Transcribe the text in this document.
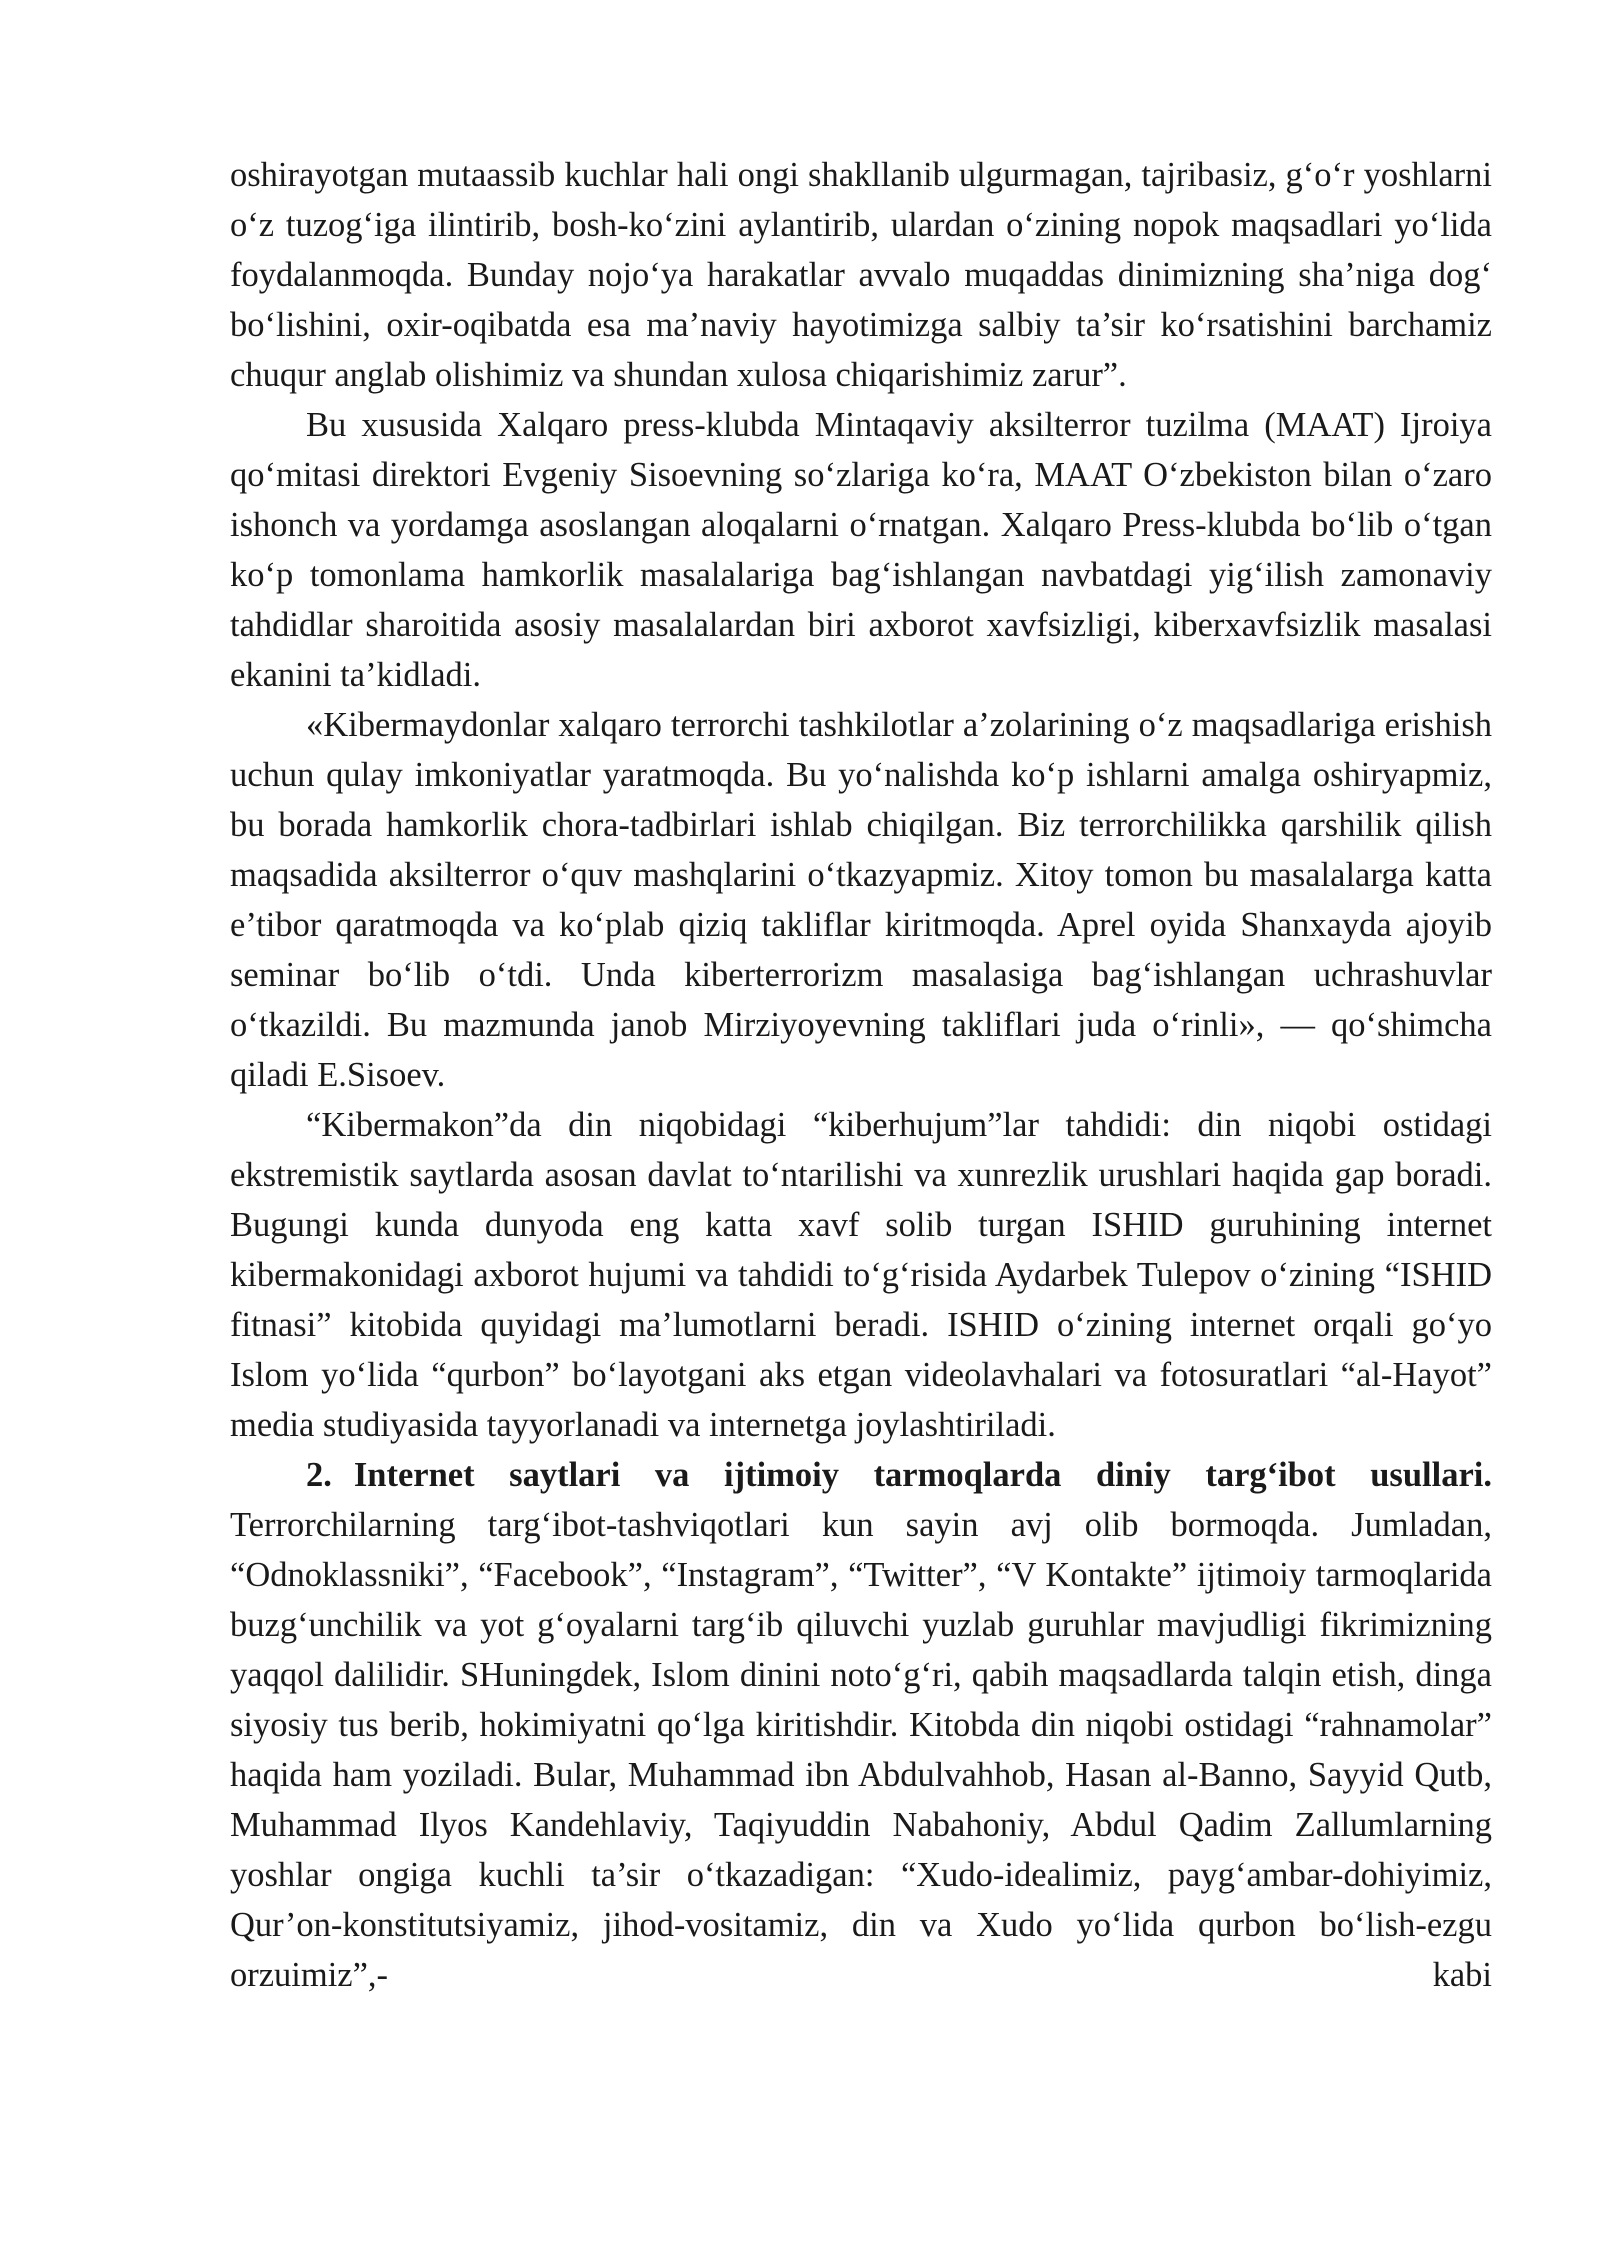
oshirayotgan mutaassib kuchlar hali ongi shakllanib ulgurmagan, tajribasiz, g‘o‘r yoshlarni o‘z tuzog‘iga ilintirib, bosh-ko‘zini aylantirib, ulardan o‘zining nopok maqsadlari yo‘lida foydalanmoqda. Bunday nojo‘ya harakatlar avvalo muqaddas dinimizning sha’niga dog‘ bo‘lishini, oxir-oqibatda esa ma’naviy hayotimizga salbiy ta’sir ko‘rsatishini barchamiz chuqur anglab olishimiz va shundan xulosa chiqarishimiz zarur”.

Bu xususida Xalqaro press-klubda Mintaqaviy aksilterror tuzilma (MAAT) Ijroiya qo‘mitasi direktori Evgeniy Sisoevning so‘zlariga ko‘ra, MAAT O‘zbekiston bilan o‘zaro ishonch va yordamga asoslangan aloqalarni o‘rnatgan. Xalqaro Press-klubda bo‘lib o‘tgan ko‘p tomonlama hamkorlik masalalariga bag‘ishlangan navbatdagi yig‘ilish zamonaviy tahdidlar sharoitida asosiy masalalardan biri axborot xavfsizligi, kiberxavfsizlik masalasi ekanini ta’kidladi.

«Kibermaydonlar xalqaro terrorchi tashkilotlar a’zolarining o‘z maqsadlariga erishish uchun qulay imkoniyatlar yaratmoqda. Bu yo‘nalishda ko‘p ishlarni amalga oshiryapmiz, bu borada hamkorlik chora-tadbirlari ishlab chiqilgan. Biz terrorchilikka qarshilik qilish maqsadida aksilterror o‘quv mashqlarini o‘tkazyapmiz. Xitoy tomon bu masalalarga katta e’tibor qaratmoqda va ko‘plab qiziq takliflar kiritmoqda. Aprel oyida Shanxayda ajoyib seminar bo‘lib o‘tdi. Unda kiberterrorizm masalasiga bag‘ishlangan uchrashuvlar o‘tkazildi. Bu mazmunda janob Mirziyoyevning takliflari juda o‘rinli», — qo‘shimcha qiladi E.Sisoev.

“Kibermakon”da din niqobidagi “kiberhujum”lar tahdidi: din niqobi ostidagi ekstremistik saytlarda asosan davlat to‘ntarilishi va xunrezlik urushlari haqida gap boradi. Bugungi kunda dunyoda eng katta xavf solib turgan ISHID guruhining internet kibermakonidagi axborot hujumi va tahdidi to‘g‘risida Aydarbek Tulepov o‘zining “ISHID fitnasi” kitobida quyidagi ma’lumotlarni beradi. ISHID o‘zining internet orqali go‘yo Islom yo‘lida “qurbon” bo‘layotgani aks etgan videolavhalari va fotosuratlari “al-Hayot” media studiyasida tayyorlanadi va internetga joylashtiriladi.

2. Internet saytlari va ijtimoiy tarmoqlarda diniy targ‘ibot usullari. Terrorchilarning targ‘ibot-tashviqotlari kun sayin avj olib bormoqda. Jumladan, “Odnoklassniki”, “Facebook”, “Instagram”, “Twitter”, “V Kontakte” ijtimoiy tarmoqlarida buzg‘unchilik va yot g‘oyalarni targ‘ib qiluvchi yuzlab guruhlar mavjudligi fikrimizning yaqqol dalilidir. SHuningdek, Islom dinini noto‘g‘ri, qabih maqsadlarda talqin etish, dinga siyosiy tus berib, hokimiyatni qo‘lga kiritishdir. Kitobda din niqobi ostidagi “rahnamolar” haqida ham yoziladi. Bular, Muhammad ibn Abdulvahhob, Hasan al-Banno, Sayyid Qutb, Muhammad Ilyos Kandehlaviy, Taqiyuddin Nabahoniy, Abdul Qadim Zallumlarning yoshlar ongiga kuchli ta’sir o‘tkazadigan: “Xudo-idealimiz, payg‘ambar-dohiyimiz, Qur’on-konstitutsiyamiz, jihod-vositamiz, din va Xudo yo‘lida qurbon bo‘lish-ezgu orzuimiz”,- kabi
